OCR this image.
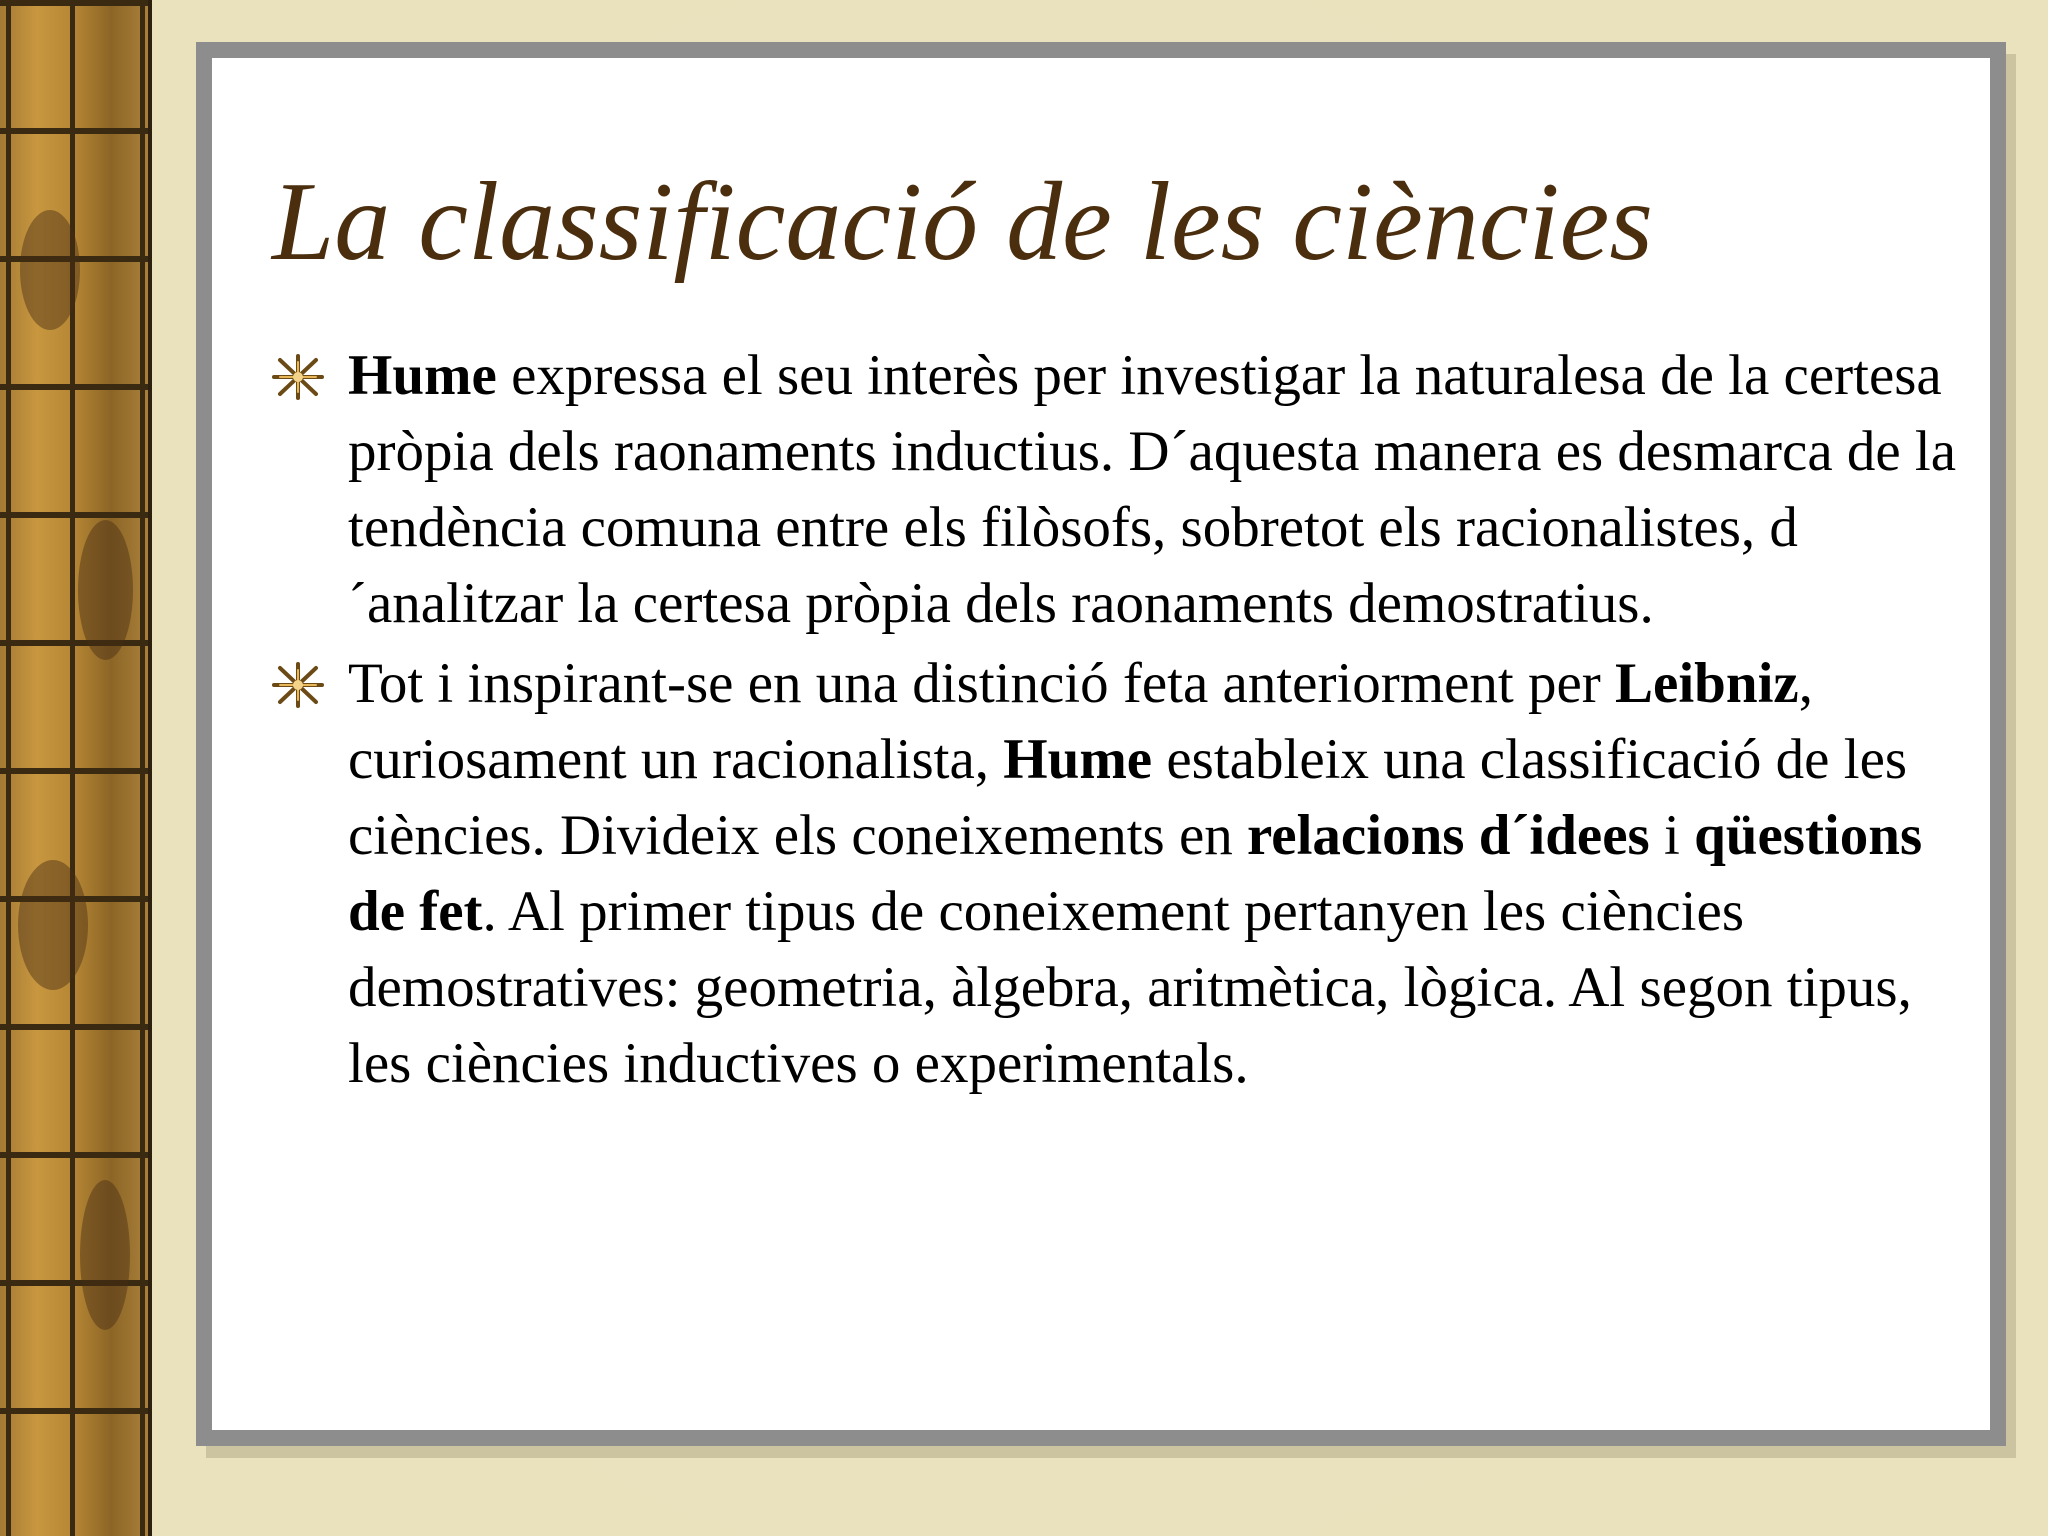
La classificació de les ciències
Hume expressa el seu interès per investigar la naturalesa de la certesa pròpia dels raonaments inductius. D´aquesta manera es desmarca de la tendència comuna entre els filòsofs, sobretot els racionalistes, d´analitzar la certesa pròpia dels raonaments demostratius.
Tot i inspirant-se en una distinció feta anteriorment per Leibniz, curiosament un racionalista, Hume estableix una classificació de les ciències. Divideix els coneixements en relacions d´idees i qüestions de fet. Al primer tipus de coneixement pertanyen les ciències demostratives: geometria, àlgebra, aritmètica, lògica. Al segon tipus, les ciències inductives o experimentals.
